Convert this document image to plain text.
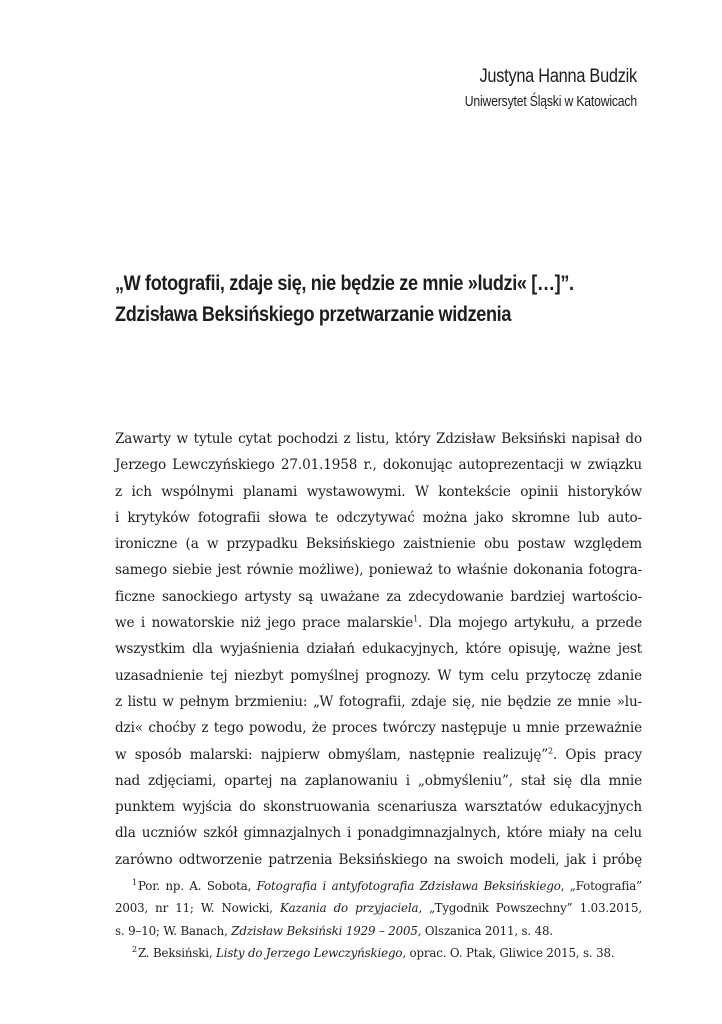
Justyna Hanna Budzik
Uniwersytet Śląski w Katowicach
„W fotografii, zdaje się, nie będzie ze mnie »ludzi« […]”.
Zdzisława Beksińskiego przetwarzanie widzenia
Zawarty w tytule cytat pochodzi z listu, który Zdzisław Beksiński napisał do
Jerzego Lewczyńskiego 27.01.1958 r., dokonując autoprezentacji w związku
z ich wspólnymi planami wystawowymi. W kontekście opinii historyków
i krytyków fotografii słowa te odczytywać można jako skromne lub auto-
ironiczne (a w przypadku Beksińskiego zaistnienie obu postaw względem
samego siebie jest równie możliwe), ponieważ to właśnie dokonania fotogra-
ficzne sanockiego artysty są uważane za zdecydowanie bardziej wartościo-
we i nowatorskie niż jego prace malarskie$^1$. Dla mojego artykułu, a przede
wszystkim dla wyjaśnienia działań edukacyjnych, które opisuję, ważne jest
uzasadnienie tej niezbyt pomyślnej prognozy. W tym celu przytoczę zdanie
z listu w pełnym brzmieniu: „W fotografii, zdaje się, nie będzie ze mnie »lu-
dzi« choćby z tego powodu, że proces twórczy następuje u mnie przeważnie
w sposób malarski: najpierw obmyślam, następnie realizuję”$^2$. Opis pracy
nad zdjęciami, opartej na zaplanowaniu i „obmyśleniu”, stał się dla mnie
punktem wyjścia do skonstruowania scenariusza warsztatów edukacyjnych
dla uczniów szkół gimnazjalnych i ponadgimnazjalnych, które miały na celu
zarówno odtworzenie patrzenia Beksińskiego na swoich modeli, jak i próbę
$^1$Por. np. A. Sobota, Fotografia i antyfotografia Zdzisława Beksińskiego, „Fotografia”
2003, nr 11; W. Nowicki, Kazania do przyjaciela, „Tygodnik Powszechny” 1.03.2015,
s. 9–10; W. Banach, Zdzisław Beksiński 1929 – 2005, Olszanica 2011, s. 48.
$^2$Z. Beksiński, Listy do Jerzego Lewczyńskiego, oprac. O. Ptak, Gliwice 2015, s. 38.
